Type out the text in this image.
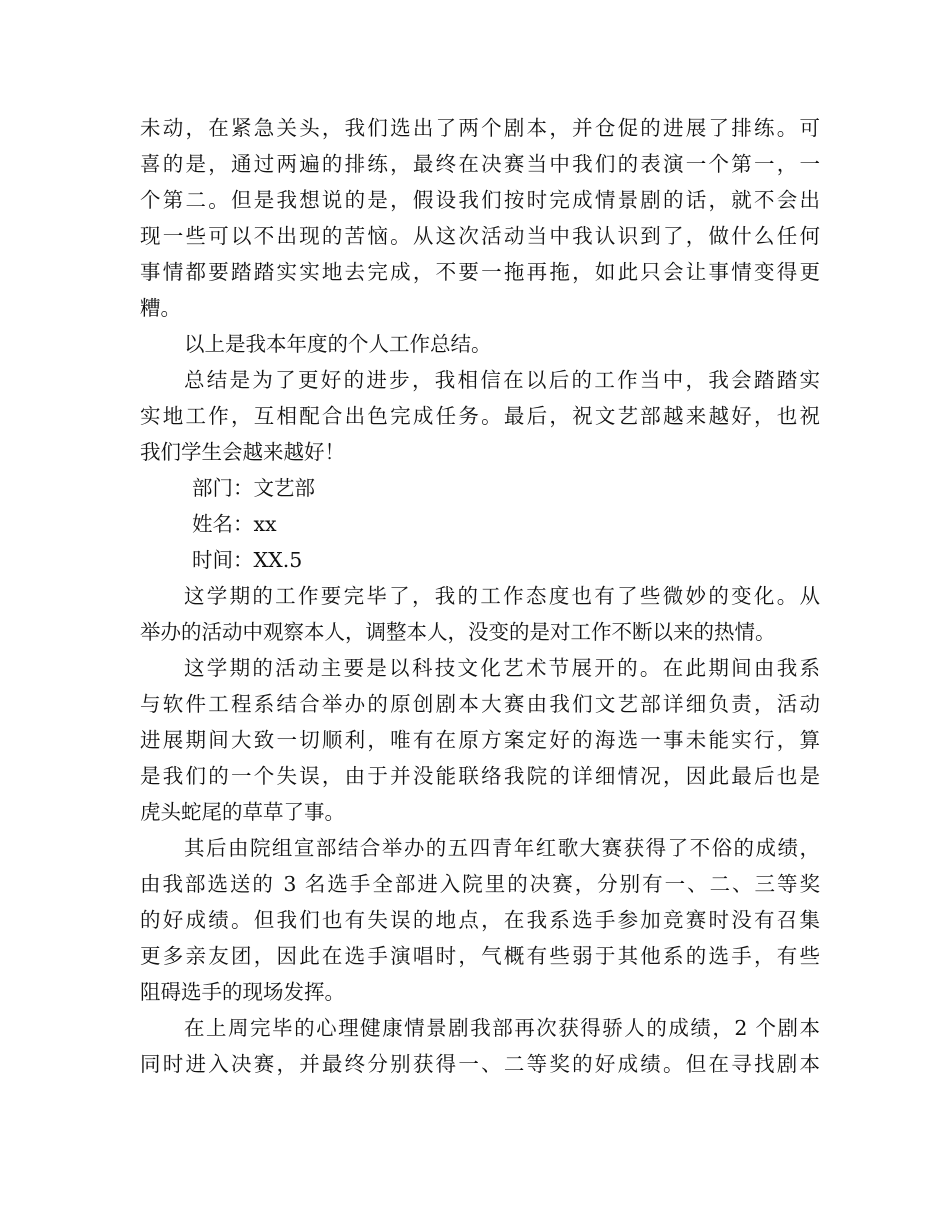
未动，在紧急关头，我们选出了两个剧本，并仓促的进展了排练。可
喜的是，通过两遍的排练，最终在决赛当中我们的表演一个第一，一
个第二。但是我想说的是，假设我们按时完成情景剧的话，就不会出
现一些可以不出现的苦恼。从这次活动当中我认识到了，做什么任何
事情都要踏踏实实地去完成，不要一拖再拖，如此只会让事情变得更
糟。
以上是我本年度的个人工作总结。
总结是为了更好的进步，我相信在以后的工作当中，我会踏踏实
实地工作，互相配合出色完成任务。最后，祝文艺部越来越好，也祝
我们学生会越来越好！
部门：文艺部
姓名：xx
时间：XX.5
这学期的工作要完毕了，我的工作态度也有了些微妙的变化。从
举办的活动中观察本人，调整本人，没变的是对工作不断以来的热情。
这学期的活动主要是以科技文化艺术节展开的。在此期间由我系
与软件工程系结合举办的原创剧本大赛由我们文艺部详细负责，活动
进展期间大致一切顺利，唯有在原方案定好的海选一事未能实行，算
是我们的一个失误，由于并没能联络我院的详细情况，因此最后也是
虎头蛇尾的草草了事。
其后由院组宣部结合举办的五四青年红歌大赛获得了不俗的成绩，
由我部选送的 3 名选手全部进入院里的决赛，分别有一、二、三等奖
的好成绩。但我们也有失误的地点，在我系选手参加竞赛时没有召集
更多亲友团，因此在选手演唱时，气概有些弱于其他系的选手，有些
阻碍选手的现场发挥。
在上周完毕的心理健康情景剧我部再次获得骄人的成绩，2 个剧本
同时进入决赛，并最终分别获得一、二等奖的好成绩。但在寻找剧本
